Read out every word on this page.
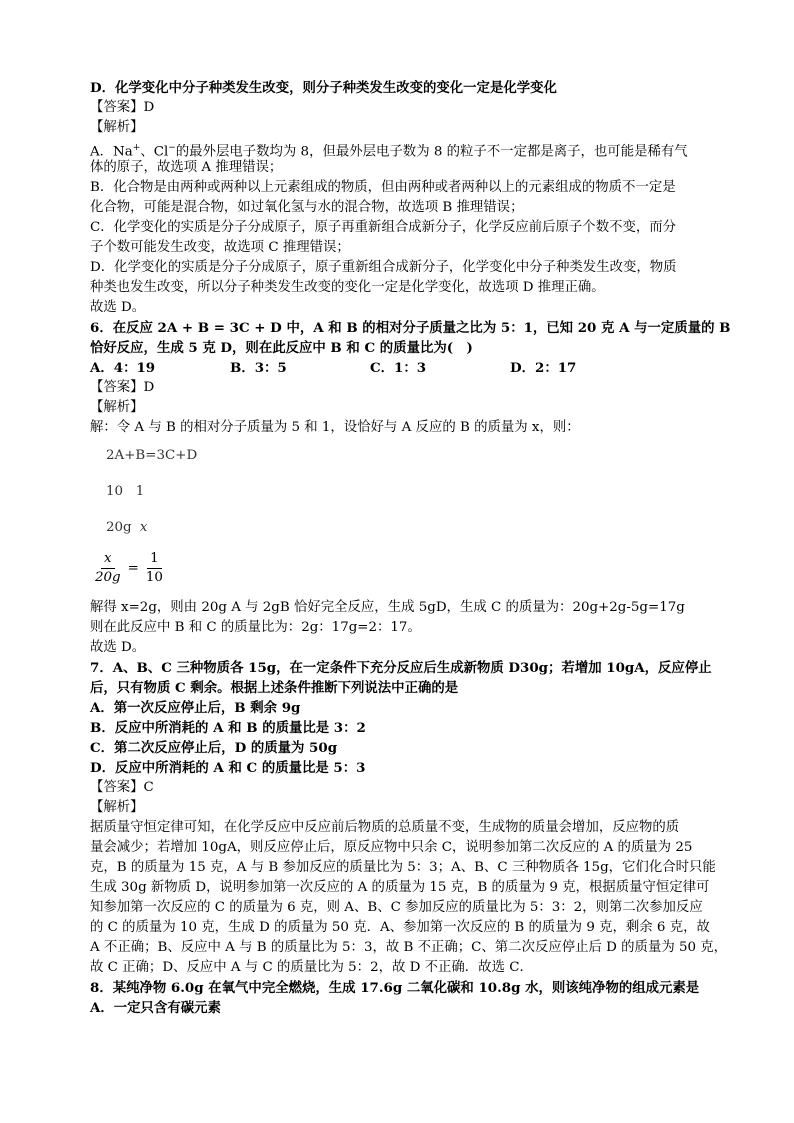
D．化学变化中分子种类发生改变，则分子种类发生改变的变化一定是化学变化
【答案】D
【解析】
A．Na+、Cl−的最外层电子数均为 8，但最外层电子数为 8 的粒子不一定都是离子，也可能是稀有气
体的原子，故选项 A 推理错误；
B．化合物是由两种或两种以上元素组成的物质，但由两种或者两种以上的元素组成的物质不一定是
化合物，可能是混合物，如过氧化氢与水的混合物，故选项 B 推理错误；
C．化学变化的实质是分子分成原子，原子再重新组合成新分子，化学反应前后原子个数不变，而分
子个数可能发生改变，故选项 C 推理错误；
D．化学变化的实质是分子分成原子，原子重新组合成新分子，化学变化中分子种类发生改变，物质
种类也发生改变，所以分子种类发生改变的变化一定是化学变化，故选项 D 推理正确。
故选 D。
6．在反应 2A + B = 3C + D 中，A 和 B 的相对分子质量之比为 5：1，已知 20 克 A 与一定质量的 B
恰好反应，生成 5 克 D，则在此反应中 B 和 C 的质量比为(　)
A．4：19	B．3：5	C．1：3	D．2：17
【答案】D
【解析】
解：令 A 与 B 的相对分子质量为 5 和 1，设恰好与 A 反应的 B 的质量为 x，则：
2A+B=3C+D
10   1
20g x
$\frac{x}{20g} = \frac{1}{10}$
解得 x=2g，则由 20g A 与 2gB 恰好完全反应，生成 5gD，生成 C 的质量为：20g+2g-5g=17g
则在此反应中 B 和 C 的质量比为：2g：17g=2：17。
故选 D。
7．A、B、C 三种物质各 15g，在一定条件下充分反应后生成新物质 D30g；若增加 10gA，反应停止
后，只有物质 C 剩余。根据上述条件推断下列说法中正确的是
A．第一次反应停止后，B 剩余 9g
B．反应中所消耗的 A 和 B 的质量比是 3：2
C．第二次反应停止后，D 的质量为 50g
D．反应中所消耗的 A 和 C 的质量比是 5：3
【答案】C
【解析】
据质量守恒定律可知，在化学反应中反应前后物质的总质量不变，生成物的质量会增加，反应物的质
量会减少；若增加 10gA，则反应停止后，原反应物中只余 C，说明参加第二次反应的 A 的质量为 25
克，B 的质量为 15 克，A 与 B 参加反应的质量比为 5：3；A、B、C 三种物质各 15g，它们化合时只能
生成 30g 新物质 D，说明参加第一次反应的 A 的质量为 15 克，B 的质量为 9 克，根据质量守恒定律可
知参加第一次反应的 C 的质量为 6 克，则 A、B、C 参加反应的质量比为 5：3：2，则第二次参加反应
的 C 的质量为 10 克，生成 D 的质量为 50 克．A、参加第一次反应的 B 的质量为 9 克，剩余 6 克，故
A 不正确；B、反应中 A 与 B 的质量比为 5：3，故 B 不正确；C、第二次反应停止后 D 的质量为 50 克，
故 C 正确；D、反应中 A 与 C 的质量比为 5：2，故 D 不正确．故选 C．
8．某纯净物 6.0g 在氧气中完全燃烧，生成 17.6g 二氧化碳和 10.8g 水，则该纯净物的组成元素是
A．一定只含有碳元素
